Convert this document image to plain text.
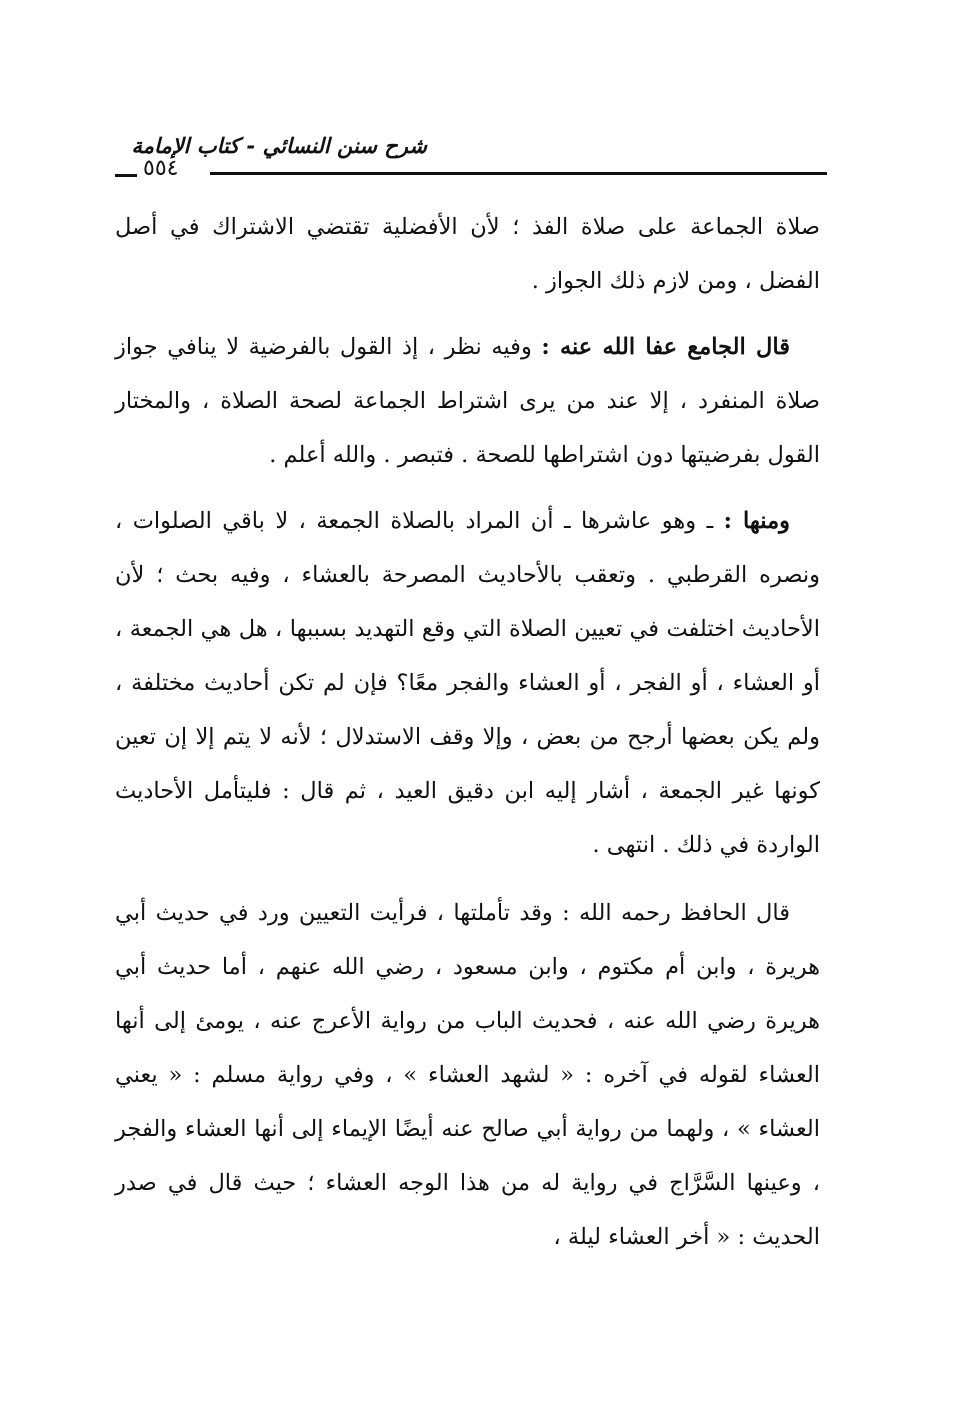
شرح سنن النسائي - كتاب الإمامة
٥٥٤

صلاة الجماعة على صلاة الفذ ؛ لأن الأفضلية تقتضي الاشتراك في أصل الفضل ، ومن لازم ذلك الجواز .

قال الجامع عفا الله عنه : وفيه نظر ، إذ القول بالفرضية لا ينافي جواز صلاة المنفرد ، إلا عند من يرى اشتراط الجماعة لصحة الصلاة ، والمختار القول بفرضيتها دون اشتراطها للصحة . فتبصر . والله أعلم .

ومنها : ـ وهو عاشرها ـ أن المراد بالصلاة الجمعة ، لا باقي الصلوات ، ونصره القرطبي . وتعقب بالأحاديث المصرحة بالعشاء ، وفيه بحث ؛ لأن الأحاديث اختلفت في تعيين الصلاة التي وقع التهديد بسببها ، هل هي الجمعة ، أو العشاء ، أو الفجر ، أو العشاء والفجر معًا؟ فإن لم تكن أحاديث مختلفة ، ولم يكن بعضها أرجح من بعض ، وإلا وقف الاستدلال ؛ لأنه لا يتم إلا إن تعين كونها غير الجمعة ، أشار إليه ابن دقيق العيد ، ثم قال : فليتأمل الأحاديث الواردة في ذلك . انتهى .

قال الحافظ رحمه الله : وقد تأملتها ، فرأيت التعيين ورد في حديث أبي هريرة ، وابن أم مكتوم ، وابن مسعود ، رضي الله عنهم ، أما حديث أبي هريرة رضي الله عنه ، فحديث الباب من رواية الأعرج عنه ، يومئ إلى أنها العشاء لقوله في آخره : « لشهد العشاء » ، وفي رواية مسلم : « يعني العشاء » ، ولهما من رواية أبي صالح عنه أيضًا الإيماء إلى أنها العشاء والفجر ، وعينها السَّرَّاج في رواية له من هذا الوجه العشاء ؛ حيث قال في صدر الحديث : « أخر العشاء ليلة ،
